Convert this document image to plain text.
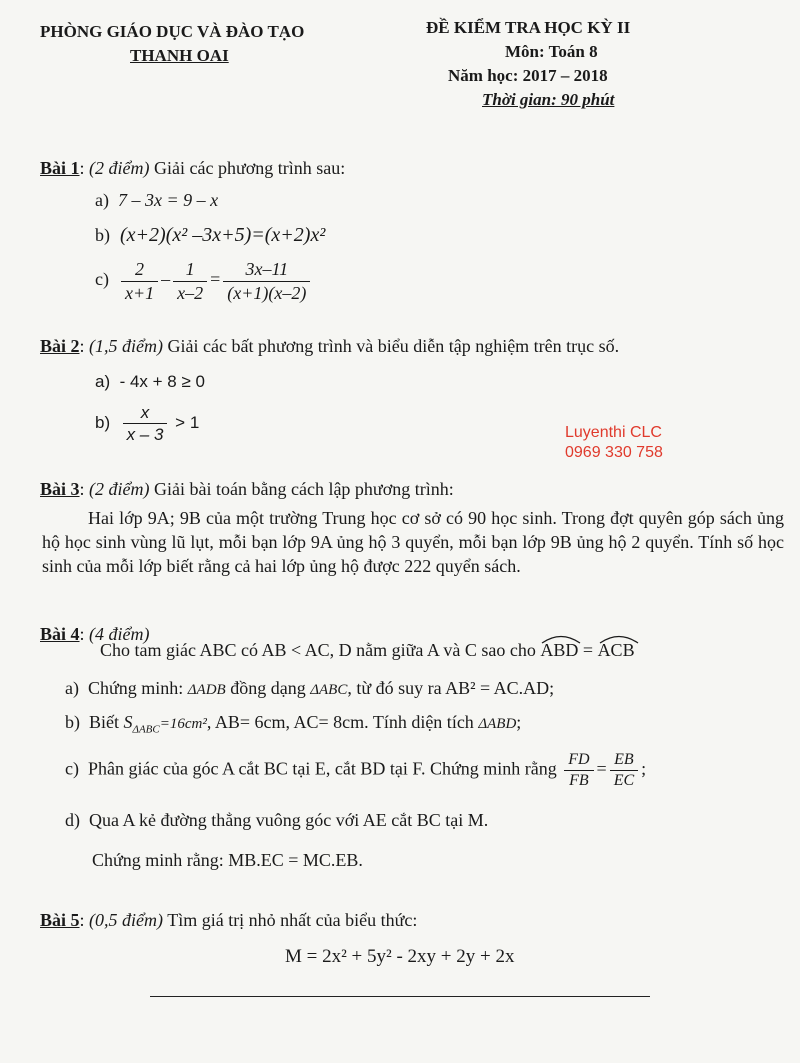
PHÒNG GIÁO DỤC VÀ ĐÀO TẠO
THANH OAI
ĐỀ KIỂM TRA HỌC KỲ II
Môn: Toán 8
Năm học: 2017 – 2018
Thời gian: 90 phút
Bài 1: (2 điểm) Giải các phương trình sau:
a) 7 – 3x = 9 – x
b) (x+2)(x² –3x+5)=(x+2)x²
$c) \frac{2}{x+1} - \frac{1}{x-2} = \frac{3x-11}{(x+1)(x-2)}$
Bài 2: (1,5 điểm) Giải các bất phương trình và biểu diễn tập nghiệm trên trục số.
a) - 4x + 8 ≥ 0
$b) \frac{x}{x - 3} > 1$
Luyenthi CLC
0969 330 758
Bài 3: (2 điểm) Giải bài toán bằng cách lập phương trình:
Hai lớp 9A; 9B của một trường Trung học cơ sở có 90 học sinh. Trong đợt quyên góp sách ủng hộ học sinh vùng lũ lụt, mỗi bạn lớp 9A ủng hộ 3 quyển, mỗi bạn lớp 9B ủng hộ 2 quyển. Tính số học sinh của mỗi lớp biết rằng cả hai lớp ủng hộ được 222 quyển sách.
Bài 4: (4 điểm)
Cho tam giác ABC có AB < AC, D nằm giữa A và C sao cho ABD = ACB
a) Chứng minh: ΔADB đồng dạng ΔABC, từ đó suy ra AB² = AC.AD;
b) Biết $S_{\Delta ABC}=16cm^2$, AB= 6cm, AC= 8cm. Tính diện tích ΔABD;
c) Phân giác của góc A cắt BC tại E, cắt BD tại F. Chứng minh rằng $\frac{FD}{FB} = \frac{EB}{EC}$ ;
d) Qua A kẻ đường thẳng vuông góc với AE cắt BC tại M.
Chứng minh rằng: MB.EC = MC.EB.
Bài 5: (0,5 điểm) Tìm giá trị nhỏ nhất của biểu thức:
M = 2x² + 5y² - 2xy + 2y + 2x
